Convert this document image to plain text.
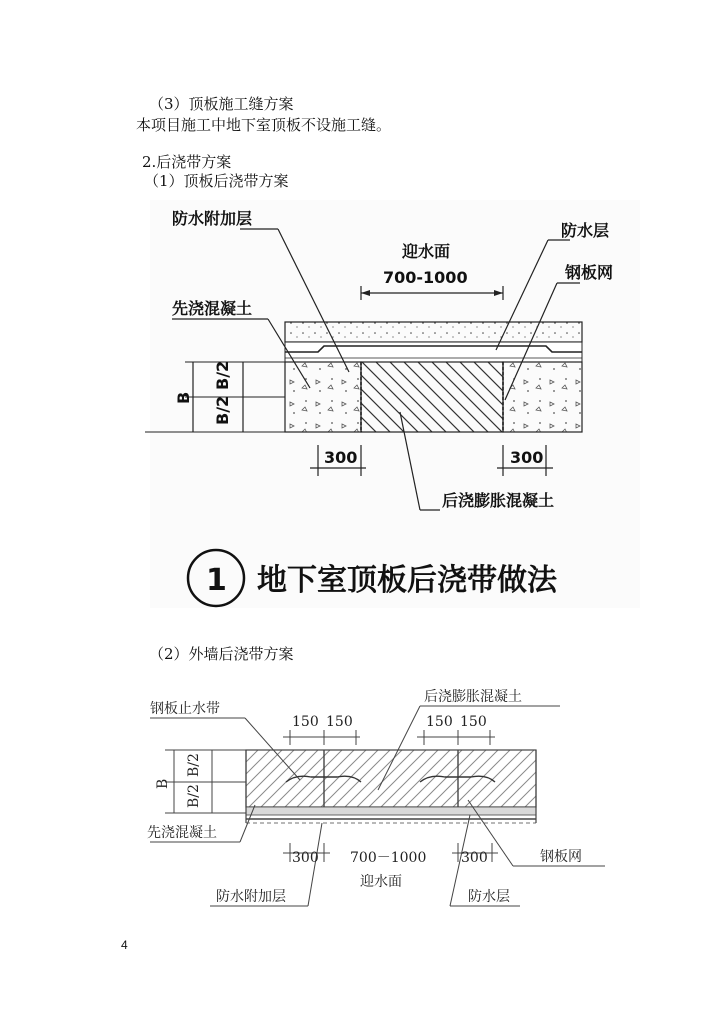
（3）顶板施工缝方案
本项目施工中地下室顶板不设施工缝。
2.后浇带方案
（1）顶板后浇带方案
防水附加层
防水层
迎水面
700-1000	钢板网
先浇混凝土
B
B/2
B/2
300	300
后浇膨胀混凝土
1 地下室顶板后浇带做法
钢板止水带
后浇膨胀混凝土
150 150	150 150
B
B/2
B/2
先浇混凝土
300 700－1000 300	钢板网
防水附加层
迎水面
防水层
（2）外墙后浇带方案
4
